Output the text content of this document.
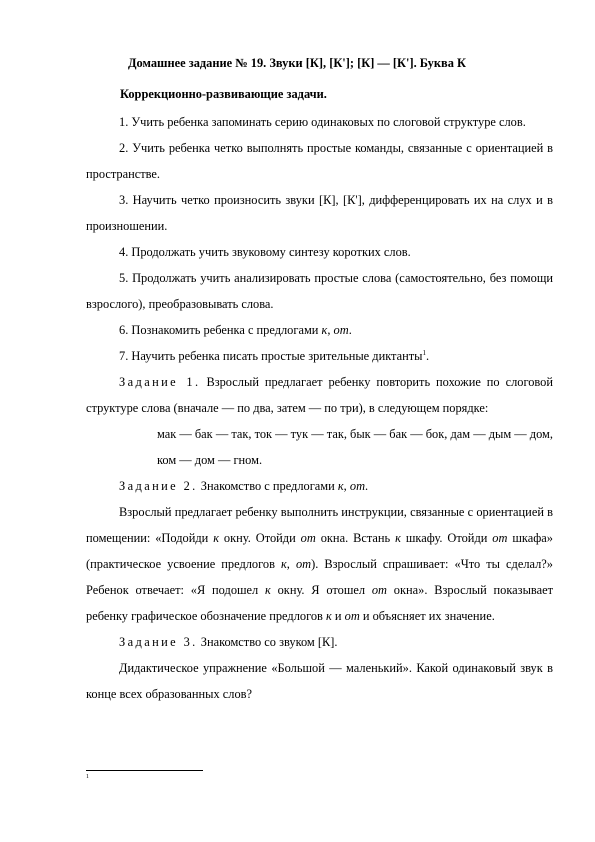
Домашнее задание № 19. Звуки [К], [К']; [К] — [К']. Буква К
Коррекционно-развивающие задачи.

1. Учить ребенка запоминать серию одинаковых по слоговой структуре слов.

2. Учить ребенка четко выполнять простые команды, связанные с ориентацией в пространстве.

3. Научить четко произносить звуки [К], [К'], дифференцировать их на слух и в произношении.

4. Продолжать учить звуковому синтезу коротких слов.

5. Продолжать учить анализировать простые слова (самостоятельно, без помощи взрослого), преобразовывать слова.

6. Познакомить ребенка с предлогами к, от.

7. Научить ребенка писать простые зрительные диктанты$^1$.

Задание 1. Взрослый предлагает ребенку повторить похожие по слоговой структуре слова (вначале — по два, затем — по три), в следующем порядке:

мак — бак — так, ток — тук — так, бык — бак — бок, дам — дым — дом, ком — дом — гном.

Задание 2. Знакомство с предлогами к, от.

Взрослый предлагает ребенку выполнить инструкции, связанные с ориентацией в помещении: «Подойди к окну. Отойди от окна. Встань к шкафу. Отойди от шкафа» (практическое усвоение предлогов к, от). Взрослый спрашивает: «Что ты сделал?» Ребенок отвечает: «Я подошел к окну. Я отошел от окна». Взрослый показывает ребенку графическое обозначение предлогов к и от и объясняет их значение.

Задание 3. Знакомство со звуком [К].

Дидактическое упражнение «Большой — маленький». Какой одинаковый звук в конце всех образованных слов?

1
